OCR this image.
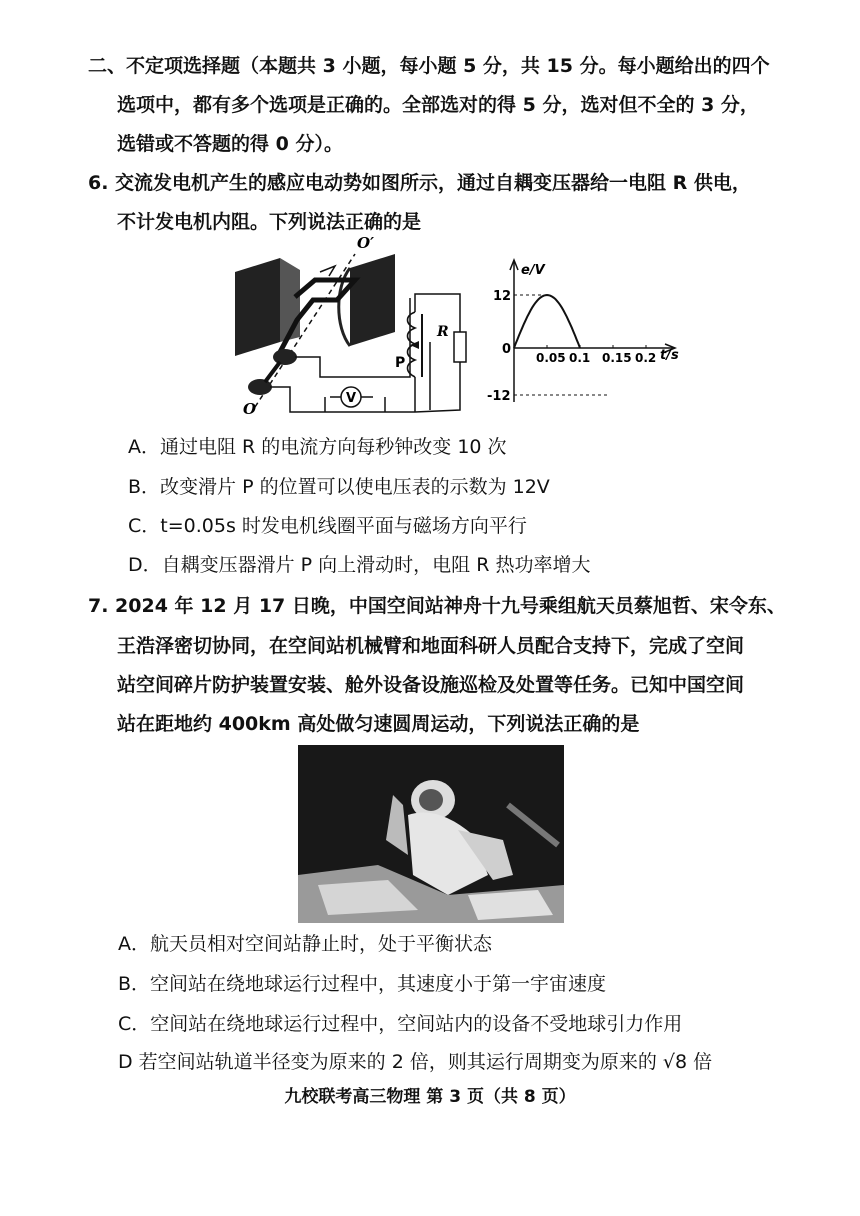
二、不定项选择题（本题共 3 小题，每小题 5 分，共 15 分。每小题给出的四个
选项中，都有多个选项是正确的。全部选对的得 5 分，选对但不全的 3 分，
选错或不答题的得 0 分）。
6. 交流发电机产生的感应电动势如图所示，通过自耦变压器给一电阻 R 供电，
不计发电机内阻。下列说法正确的是
O′
O
V
P
R
e/V
t/s
0
12
-12
0.05 0.1 0.15 0.2
A．通过电阻 R 的电流方向每秒钟改变 10 次
B．改变滑片 P 的位置可以使电压表的示数为 12V
C．t=0.05s 时发电机线圈平面与磁场方向平行
D．自耦变压器滑片 P 向上滑动时，电阻 R 热功率增大
7. 2024 年 12 月 17 日晚，中国空间站神舟十九号乘组航天员蔡旭哲、宋令东、
王浩泽密切协同，在空间站机械臂和地面科研人员配合支持下，完成了空间
站空间碎片防护装置安装、舱外设备设施巡检及处置等任务。已知中国空间
站在距地约 400km 高处做匀速圆周运动，下列说法正确的是
A．航天员相对空间站静止时，处于平衡状态
B．空间站在绕地球运行过程中，其速度小于第一宇宙速度
C．空间站在绕地球运行过程中，空间站内的设备不受地球引力作用
D 若空间站轨道半径变为原来的 2 倍，则其运行周期变为原来的 √8 倍
九校联考高三物理 第 3 页（共 8 页）
